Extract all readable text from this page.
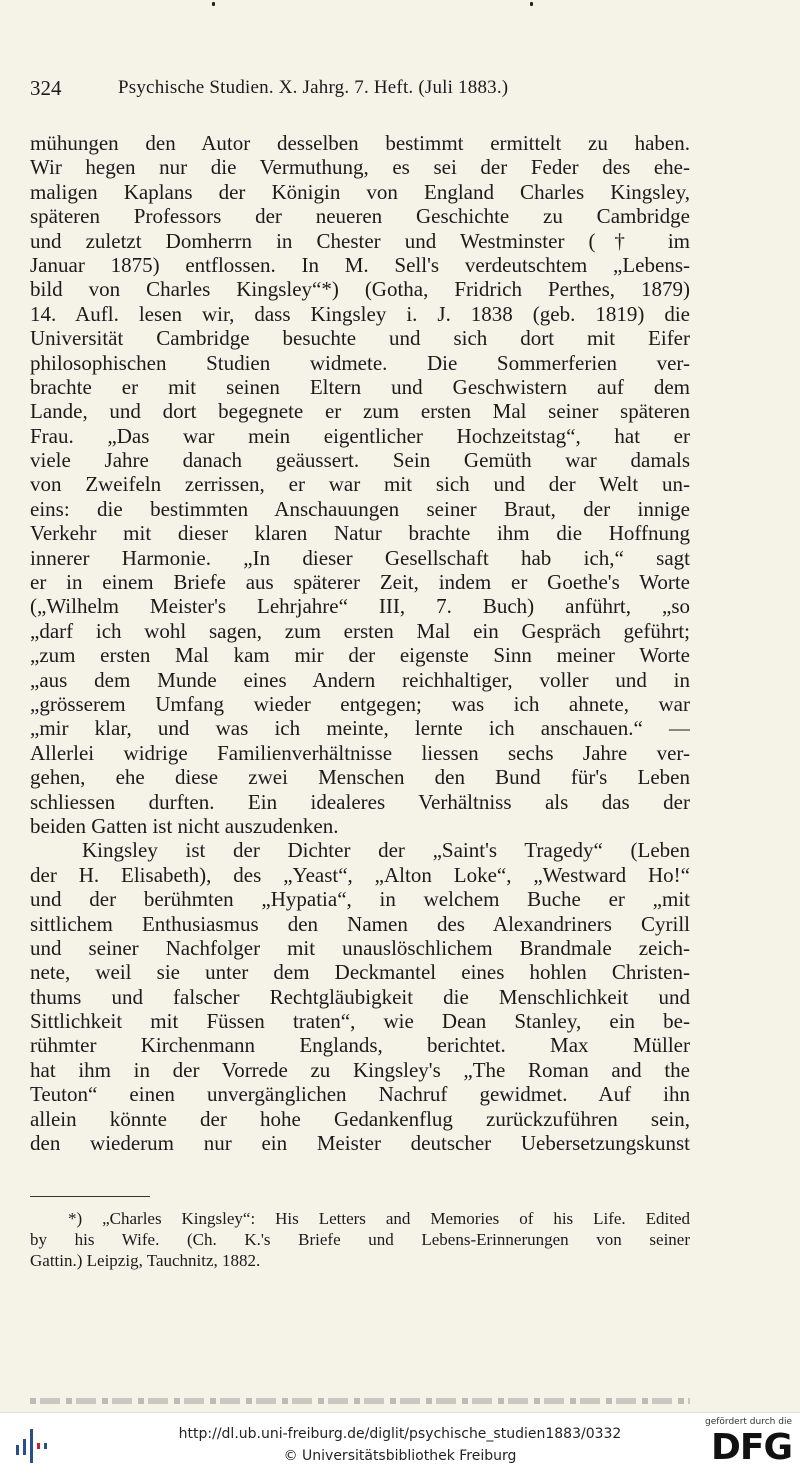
324	Psychische Studien. X. Jahrg. 7. Heft. (Juli 1883.)
mühungen den Autor desselben bestimmt ermittelt zu haben.
Wir hegen nur die Vermuthung, es sei der Feder des ehe-
maligen Kaplans der Königin von England Charles Kingsley,
späteren Professors der neueren Geschichte zu Cambridge
und zuletzt Domherrn in Chester und Westminster († im
Januar 1875) entflossen. In M. Sell's verdeutschtem „Lebens-
bild von Charles Kingsley“*) (Gotha, Fridrich Perthes, 1879)
14. Aufl. lesen wir, dass Kingsley i. J. 1838 (geb. 1819) die
Universität Cambridge besuchte und sich dort mit Eifer
philosophischen Studien widmete. Die Sommerferien ver-
brachte er mit seinen Eltern und Geschwistern auf dem
Lande, und dort begegnete er zum ersten Mal seiner späteren
Frau. „Das war mein eigentlicher Hochzeitstag“, hat er
viele Jahre danach geäussert. Sein Gemüth war damals
von Zweifeln zerrissen, er war mit sich und der Welt un-
eins: die bestimmten Anschauungen seiner Braut, der innige
Verkehr mit dieser klaren Natur brachte ihm die Hoffnung
innerer Harmonie. „In dieser Gesellschaft hab ich,“ sagt
er in einem Briefe aus späterer Zeit, indem er Goethe's Worte
(„Wilhelm Meister's Lehrjahre“ III, 7. Buch) anführt, „so
„darf ich wohl sagen, zum ersten Mal ein Gespräch geführt;
„zum ersten Mal kam mir der eigenste Sinn meiner Worte
„aus dem Munde eines Andern reichhaltiger, voller und in
„grösserem Umfang wieder entgegen; was ich ahnete, war
„mir klar, und was ich meinte, lernte ich anschauen.“ —
Allerlei widrige Familienverhältnisse liessen sechs Jahre ver-
gehen, ehe diese zwei Menschen den Bund für's Leben
schliessen durften. Ein idealeres Verhältniss als das der
beiden Gatten ist nicht auszudenken.
Kingsley ist der Dichter der „Saint's Tragedy“ (Leben
der H. Elisabeth), des „Yeast“, „Alton Loke“, „Westward Ho!“
und der berühmten „Hypatia“, in welchem Buche er „mit
sittlichem Enthusiasmus den Namen des Alexandriners Cyrill
und seiner Nachfolger mit unauslöschlichem Brandmale zeich-
nete, weil sie unter dem Deckmantel eines hohlen Christen-
thums und falscher Rechtgläubigkeit die Menschlichkeit und
Sittlichkeit mit Füssen traten“, wie Dean Stanley, ein be-
rühmter Kirchenmann Englands, berichtet. Max Müller
hat ihm in der Vorrede zu Kingsley's „The Roman and the
Teuton“ einen unvergänglichen Nachruf gewidmet. Auf ihn
allein könnte der hohe Gedankenflug zurückzuführen sein,
den wiederum nur ein Meister deutscher Uebersetzungskunst
*) „Charles Kingsley“: His Letters and Memories of his Life. Edited
by his Wife. (Ch. K.'s Briefe und Lebens-Erinnerungen von seiner
Gattin.) Leipzig, Tauchnitz, 1882.
http://dl.ub.uni-freiburg.de/diglit/psychische_studien1883/0332
© Universitätsbibliothek Freiburg
gefördert durch die
DFG
